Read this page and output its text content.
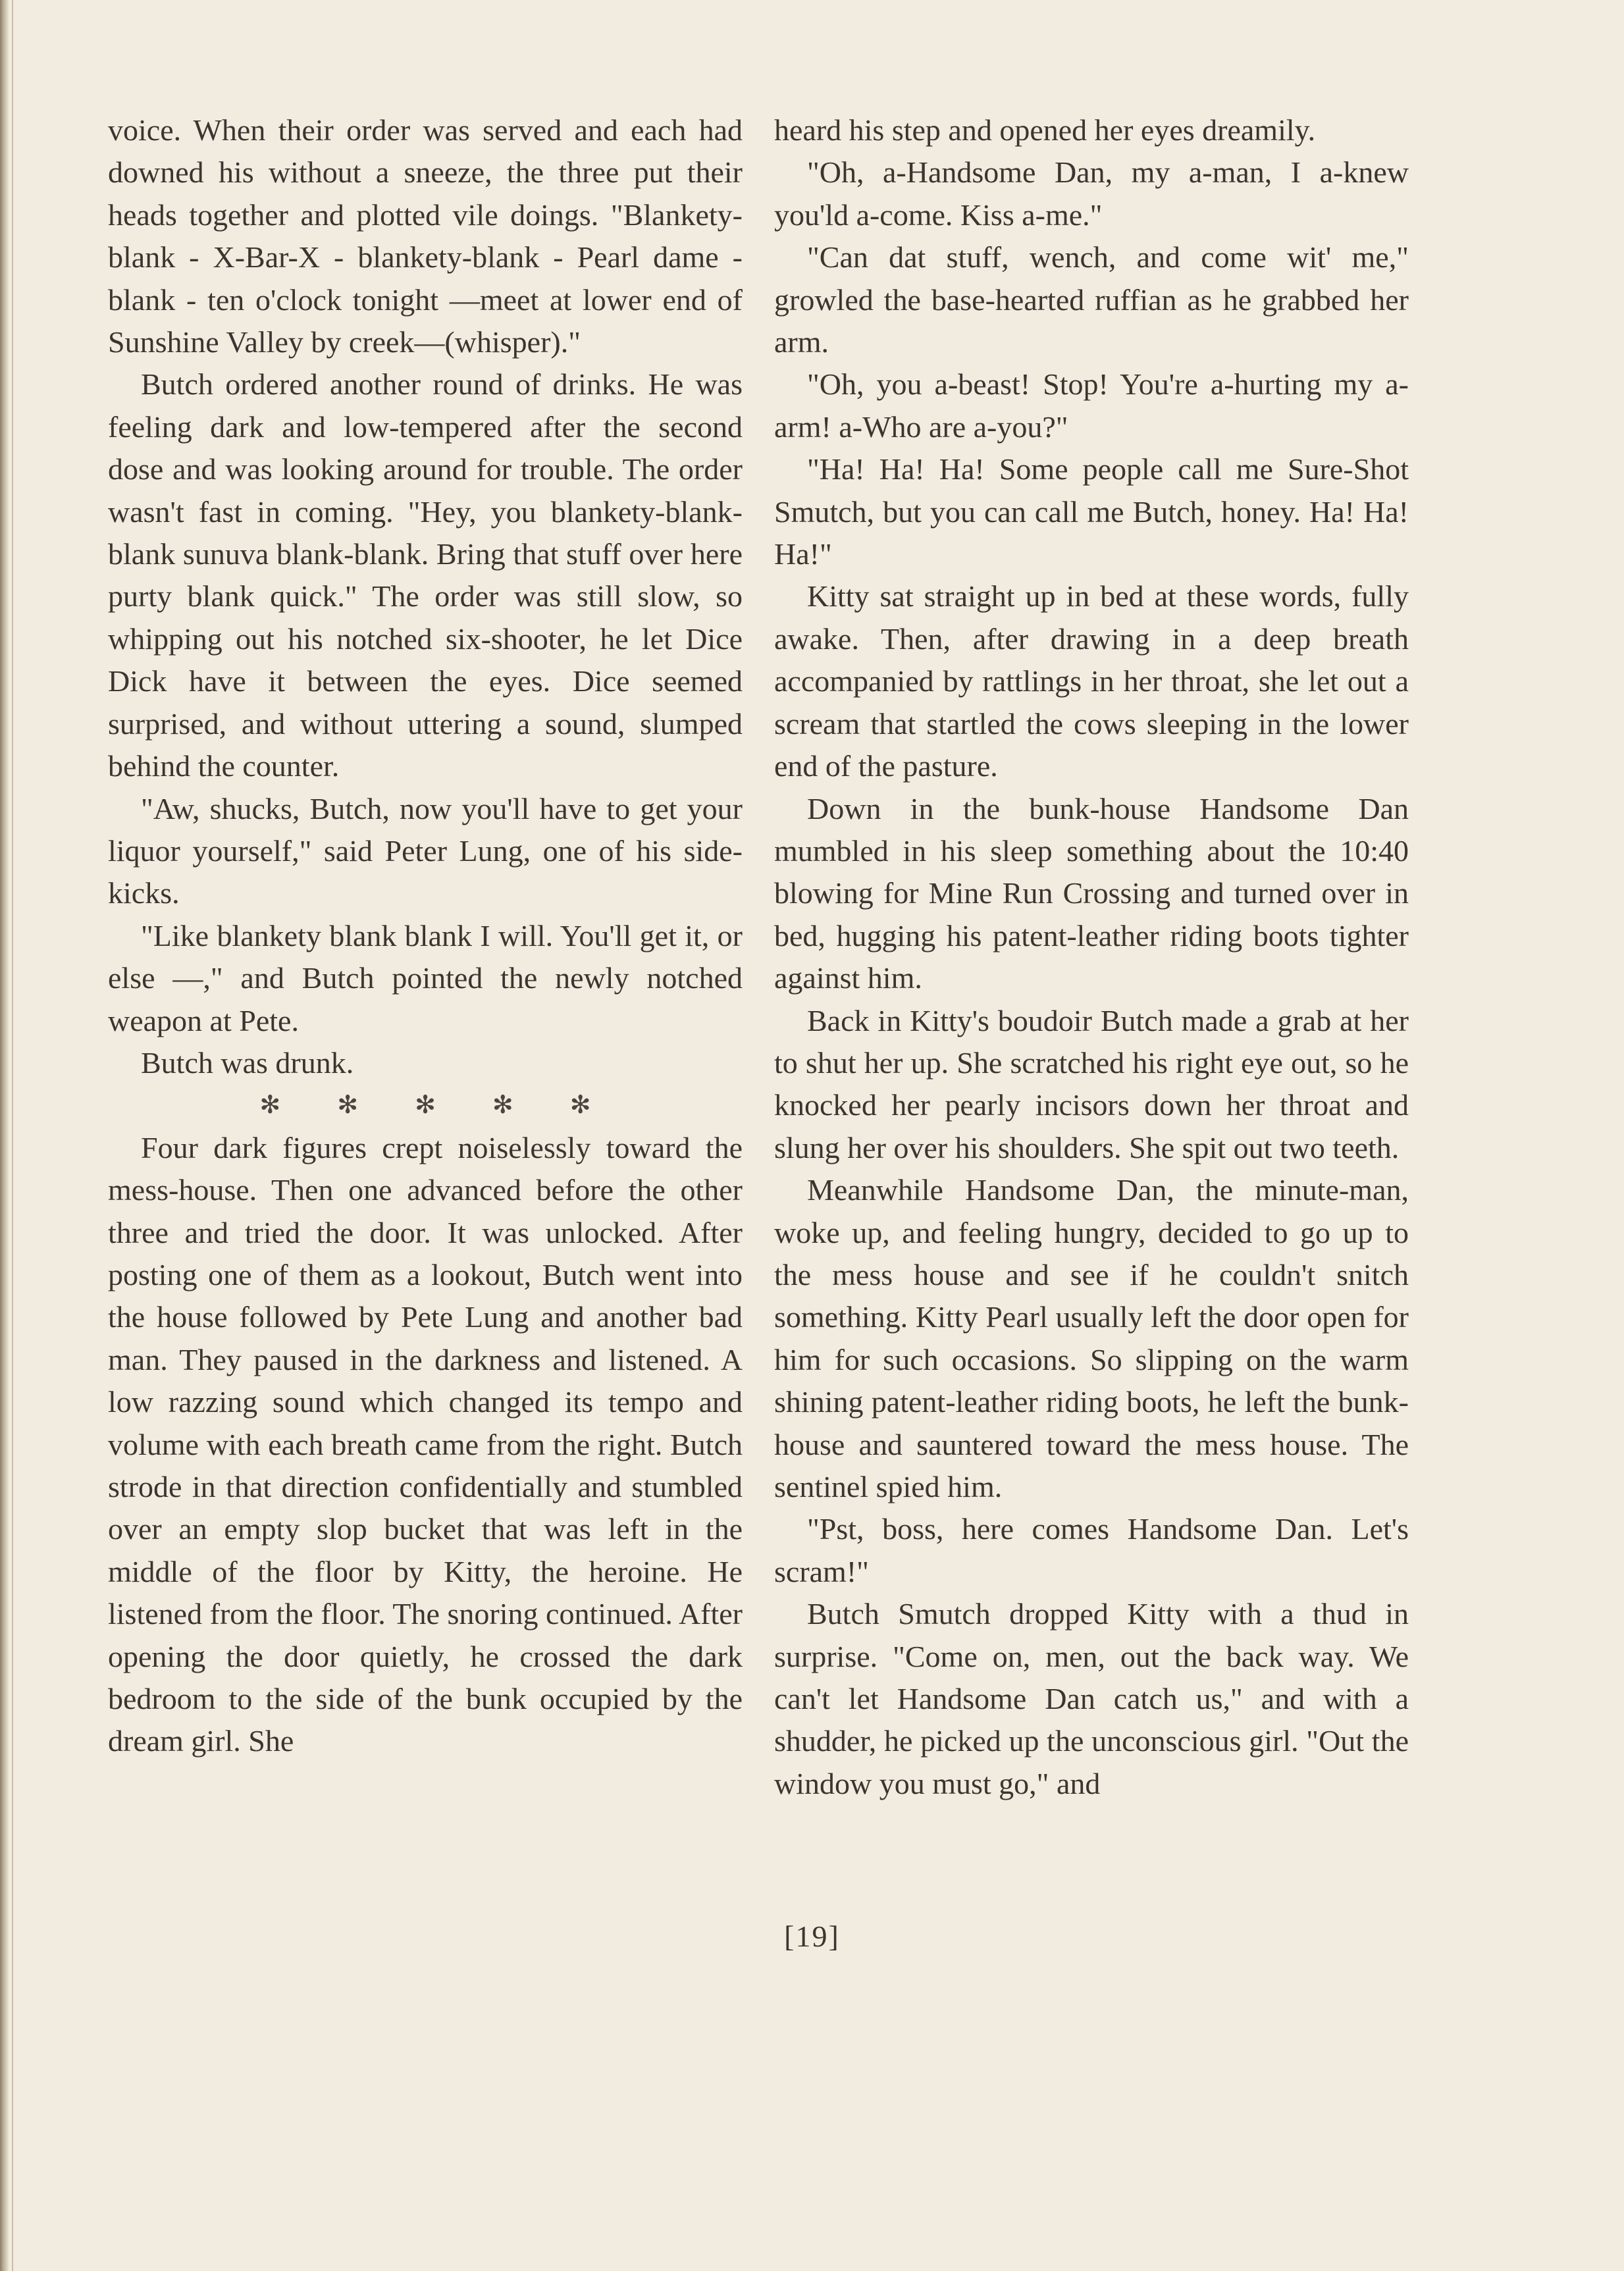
voice. When their order was served and each had downed his without a sneeze, the three put their heads together and plotted vile doings. "Blankety-blank - X-Bar-X - blankety-blank - Pearl dame - blank - ten o'clock tonight —meet at lower end of Sunshine Valley by creek—(whisper)."

Butch ordered another round of drinks. He was feeling dark and low-tempered after the second dose and was looking around for trouble. The order wasn't fast in coming. "Hey, you blankety-blank-blank sunuva blank-blank. Bring that stuff over here purty blank quick." The order was still slow, so whipping out his notched six-shooter, he let Dice Dick have it between the eyes. Dice seemed surprised, and without uttering a sound, slumped behind the counter.

"Aw, shucks, Butch, now you'll have to get your liquor yourself," said Peter Lung, one of his side-kicks.

"Like blankety blank blank I will. You'll get it, or else —," and Butch pointed the newly notched weapon at Pete.

Butch was drunk.

✻✻✻✻✻

Four dark figures crept noiselessly toward the mess-house. Then one advanced before the other three and tried the door. It was unlocked. After posting one of them as a lookout, Butch went into the house followed by Pete Lung and another bad man. They paused in the darkness and listened. A low razzing sound which changed its tempo and volume with each breath came from the right. Butch strode in that direction confidentially and stumbled over an empty slop bucket that was left in the middle of the floor by Kitty, the heroine. He listened from the floor. The snoring continued. After opening the door quietly, he crossed the dark bedroom to the side of the bunk occupied by the dream girl. She

heard his step and opened her eyes dreamily.

"Oh, a-Handsome Dan, my a-man, I a-knew you'ld a-come. Kiss a-me."

"Can dat stuff, wench, and come wit' me," growled the base-hearted ruffian as he grabbed her arm.

"Oh, you a-beast! Stop! You're a-hurting my a-arm! a-Who are a-you?"

"Ha! Ha! Ha! Some people call me Sure-Shot Smutch, but you can call me Butch, honey. Ha! Ha! Ha!"

Kitty sat straight up in bed at these words, fully awake. Then, after drawing in a deep breath accompanied by rattlings in her throat, she let out a scream that startled the cows sleeping in the lower end of the pasture.

Down in the bunk-house Handsome Dan mumbled in his sleep something about the 10:40 blowing for Mine Run Crossing and turned over in bed, hugging his patent-leather riding boots tighter against him.

Back in Kitty's boudoir Butch made a grab at her to shut her up. She scratched his right eye out, so he knocked her pearly incisors down her throat and slung her over his shoulders. She spit out two teeth.

Meanwhile Handsome Dan, the minute-man, woke up, and feeling hungry, decided to go up to the mess house and see if he couldn't snitch something. Kitty Pearl usually left the door open for him for such occasions. So slipping on the warm shining patent-leather riding boots, he left the bunk-house and sauntered toward the mess house. The sentinel spied him.

"Pst, boss, here comes Handsome Dan. Let's scram!"

Butch Smutch dropped Kitty with a thud in surprise. "Come on, men, out the back way. We can't let Handsome Dan catch us," and with a shudder, he picked up the unconscious girl. "Out the window you must go," and

[19]
